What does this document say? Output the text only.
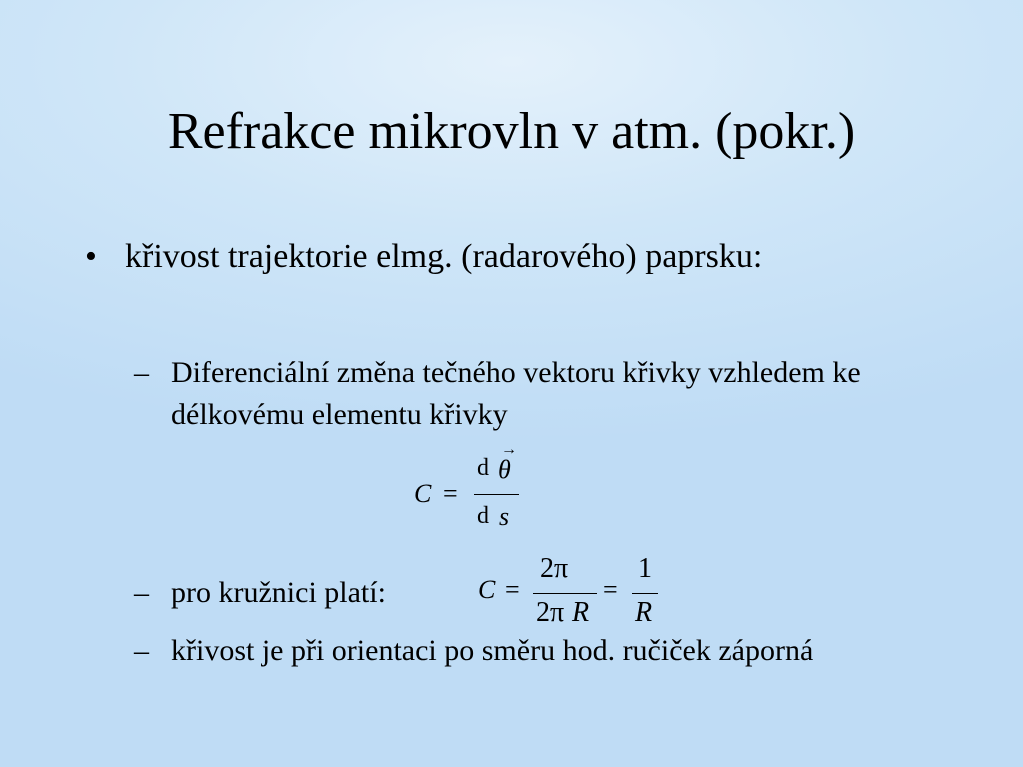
Refrakce mikrovln v atm. (pokr.)
• křivost trajektorie elmg. (radarového) paprsku:
– Diferenciální změna tečného vektoru křivky vzhledem ke délkovému elementu křivky
C =
d
→
θ
d s
– pro kružnici platí:	C =
2π
2π R
=
1
R
– křivost je při orientaci po směru hod. ručiček záporná
